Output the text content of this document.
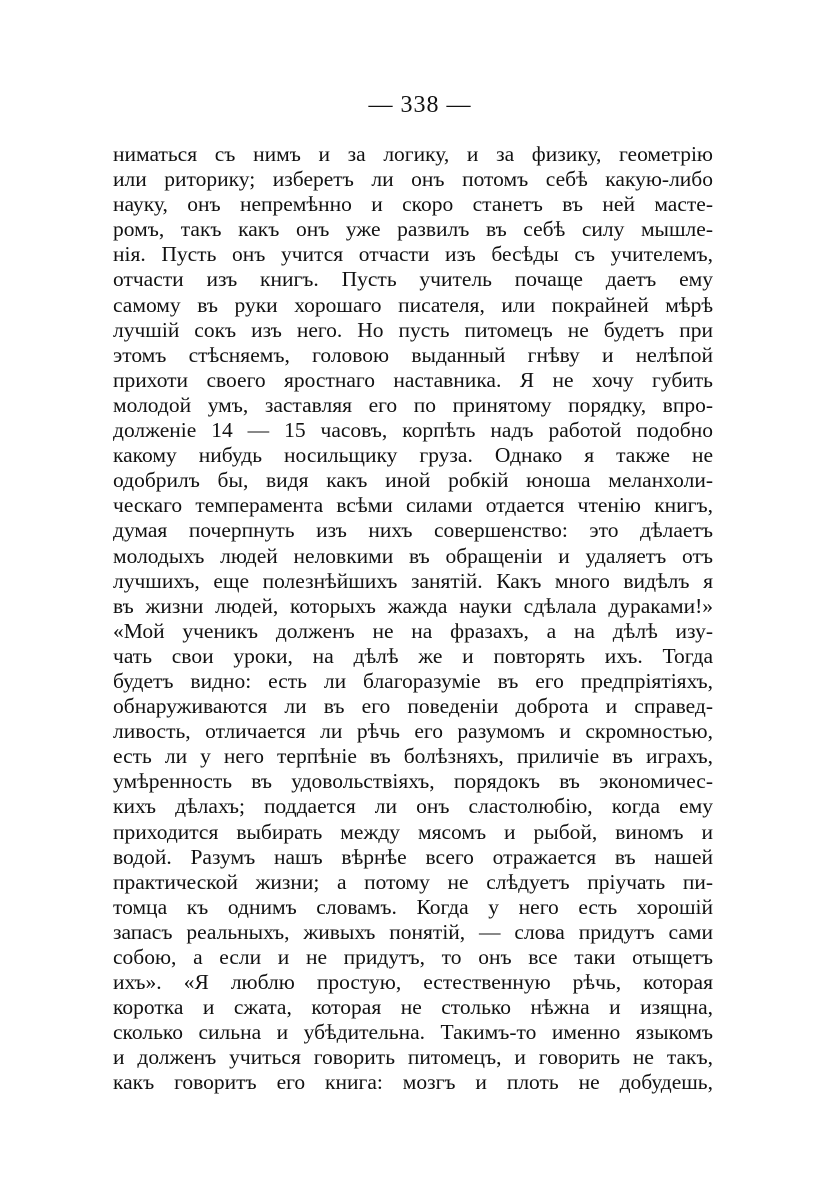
— 338 —
ниматься съ нимъ и за логику, и за физику, геометрію
или риторику; изберетъ ли онъ потомъ себѣ какую-либо
науку, онъ непремѣнно и скоро станетъ въ ней масте-
ромъ, такъ какъ онъ уже развилъ въ себѣ силу мышле-
нія. Пусть онъ учится отчасти изъ бесѣды съ учителемъ,
отчасти изъ книгъ. Пусть учитель почаще даетъ ему
самому въ руки хорошаго писателя, или покрайней мѣрѣ
лучшій сокъ изъ него. Но пусть питомецъ не будетъ при
этомъ стѣсняемъ, головою выданный гнѣву и нелѣпой
прихоти своего яростнаго наставника. Я не хочу губить
молодой умъ, заставляя его по принятому порядку, впро-
долженіе 14 — 15 часовъ, корпѣть надъ работой подобно
какому нибудь носильщику груза. Однако я также не
одобрилъ бы, видя какъ иной робкій юноша меланхоли-
ческаго темперамента всѣми силами отдается чтенію книгъ,
думая почерпнуть изъ нихъ совершенство: это дѣлаетъ
молодыхъ людей неловкими въ обращеніи и удаляетъ отъ
лучшихъ, еще полезнѣйшихъ занятій. Какъ много видѣлъ я
въ жизни людей, которыхъ жажда науки сдѣлала дураками!»
«Мой ученикъ долженъ не на фразахъ, а на дѣлѣ изу-
чать свои уроки, на дѣлѣ же и повторять ихъ. Тогда
будетъ видно: есть ли благоразуміе въ его предпріятіяхъ,
обнаруживаются ли въ его поведеніи доброта и справед-
ливость, отличается ли рѣчь его разумомъ и скромностью,
есть ли у него терпѣніе въ болѣзняхъ, приличіе въ играхъ,
умѣренность въ удовольствіяхъ, порядокъ въ экономичес-
кихъ дѣлахъ; поддается ли онъ сластолюбію, когда ему
приходится выбирать между мясомъ и рыбой, виномъ и
водой. Разумъ нашъ вѣрнѣе всего отражается въ нашей
практической жизни; а потому не слѣдуетъ пріучать пи-
томца къ однимъ словамъ. Когда у него есть хорошій
запасъ реальныхъ, живыхъ понятій, — слова придутъ сами
собою, а если и не придутъ, то онъ все таки отыщетъ
ихъ». «Я люблю простую, естественную рѣчь, которая
коротка и сжата, которая не столько нѣжна и изящна,
сколько сильна и убѣдительна. Такимъ-то именно языкомъ
и долженъ учиться говорить питомецъ, и говорить не такъ,
какъ говоритъ его книга: мозгъ и плоть не добудешь,
